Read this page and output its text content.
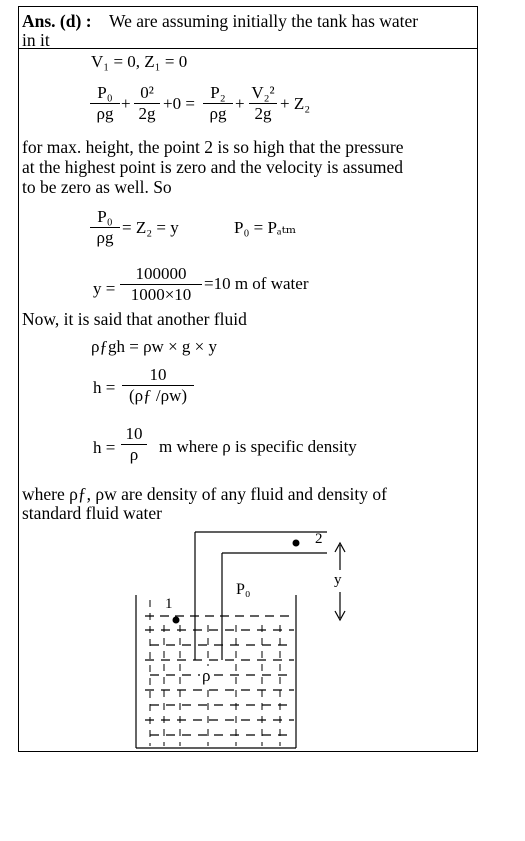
Ans. (d) : We are assuming initially the tank has water
in it
V₁ = 0, Z₁ = 0
P₀
ρg
+
0²
2g
+0 =
P₂
ρg
+
V₂²
2g
+ Z₂
for max. height, the point 2 is so high that the pressure
at the highest point is zero and the velocity is assumed
to be zero as well. So
P₀
ρg
= Z₂ = y	P₀ = Pₐₜₘ
y =
100000
1000×10
=10 m of water
Now, it is said that another fluid
ρƒgh = ρw × g × y
h =
10
(ρƒ /ρw)
h =
10
ρ	m where ρ is specific density
where ρƒ, ρw are density of any fluid and density of
standard fluid water
1
2
P₀
ρ
y
